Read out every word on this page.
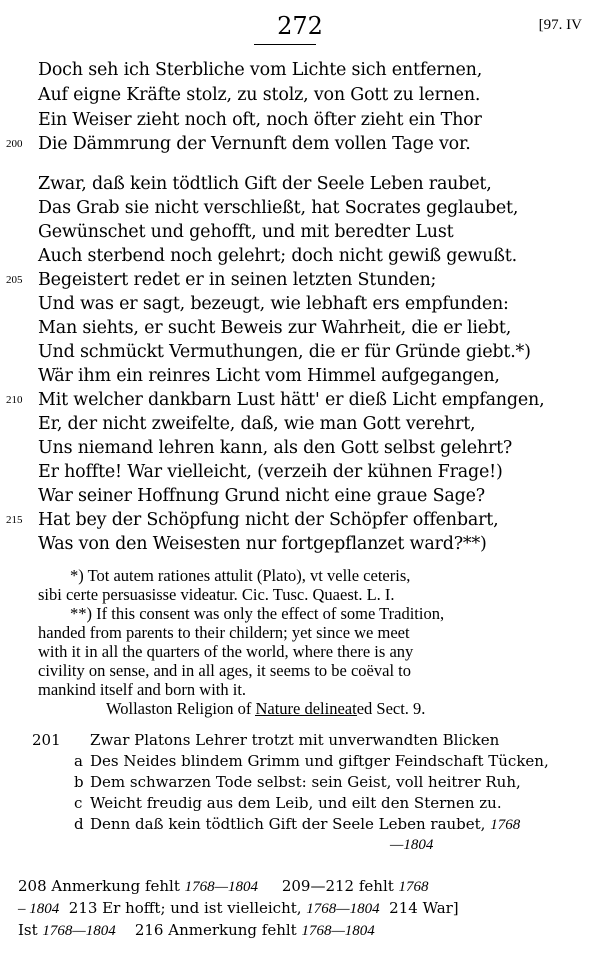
272	[97. IV
Doch seh ich Sterbliche vom Lichte sich entfernen,
Auf eigne Kräfte stolz, zu stolz, von Gott zu lernen.
Ein Weiser zieht noch oft, noch öfter zieht ein Thor
200 Die Dämmrung der Vernunft dem vollen Tage vor.
Zwar, daß kein tödtlich Gift der Seele Leben raubet,
Das Grab sie nicht verschließt, hat Socrates geglaubet,
Gewünschet und gehofft, und mit beredter Lust
Auch sterbend noch gelehrt; doch nicht gewiß gewußt.
205 Begeistert redet er in seinen letzten Stunden;
Und was er sagt, bezeugt, wie lebhaft ers empfunden:
Man siehts, er sucht Beweis zur Wahrheit, die er liebt,
Und schmückt Vermuthungen, die er für Gründe giebt.*)
Wär ihm ein reinres Licht vom Himmel aufgegangen,
210 Mit welcher dankbarn Lust hätt' er dieß Licht empfangen,
Er, der nicht zweifelte, daß, wie man Gott verehrt,
Uns niemand lehren kann, als den Gott selbst gelehrt?
Er hoffte! War vielleicht, (verzeih der kühnen Frage!)
War seiner Hoffnung Grund nicht eine graue Sage?
215 Hat bey der Schöpfung nicht der Schöpfer offenbart,
Was von den Weisesten nur fortgepflanzet ward?**)

*) Tot autem rationes attulit (Plato), vt velle ceteris,

sibi certe persuasisse videatur. Cic. Tusc. Quaest. L. I.

**) If this consent was only the effect of some Tradition,

handed from parents to their childern; yet since we meet

with it in all the quarters of the world, where there is any

civility on sense, and in all ages, it seems to be coëval to

mankind itself and born with it.

Wollaston Religion of Nature delineated Sect. 9.

201 Zwar Platons Lehrer trotzt mit unverwandten Blicken
a Des Neides blindem Grimm und giftger Feindschaft Tücken,
b Dem schwarzen Tode selbst: sein Geist, voll heitrer Ruh,
c Weicht freudig aus dem Leib, und eilt den Sternen zu.
d Denn daß kein tödtlich Gift der Seele Leben raubet, 1768
—1804
208 Anmerkung fehlt 1768—1804     209—212 fehlt 1768
– 1804  213 Er hofft; und ist vielleicht, 1768—1804  214 War]
Ist 1768—1804    216 Anmerkung fehlt 1768—1804
